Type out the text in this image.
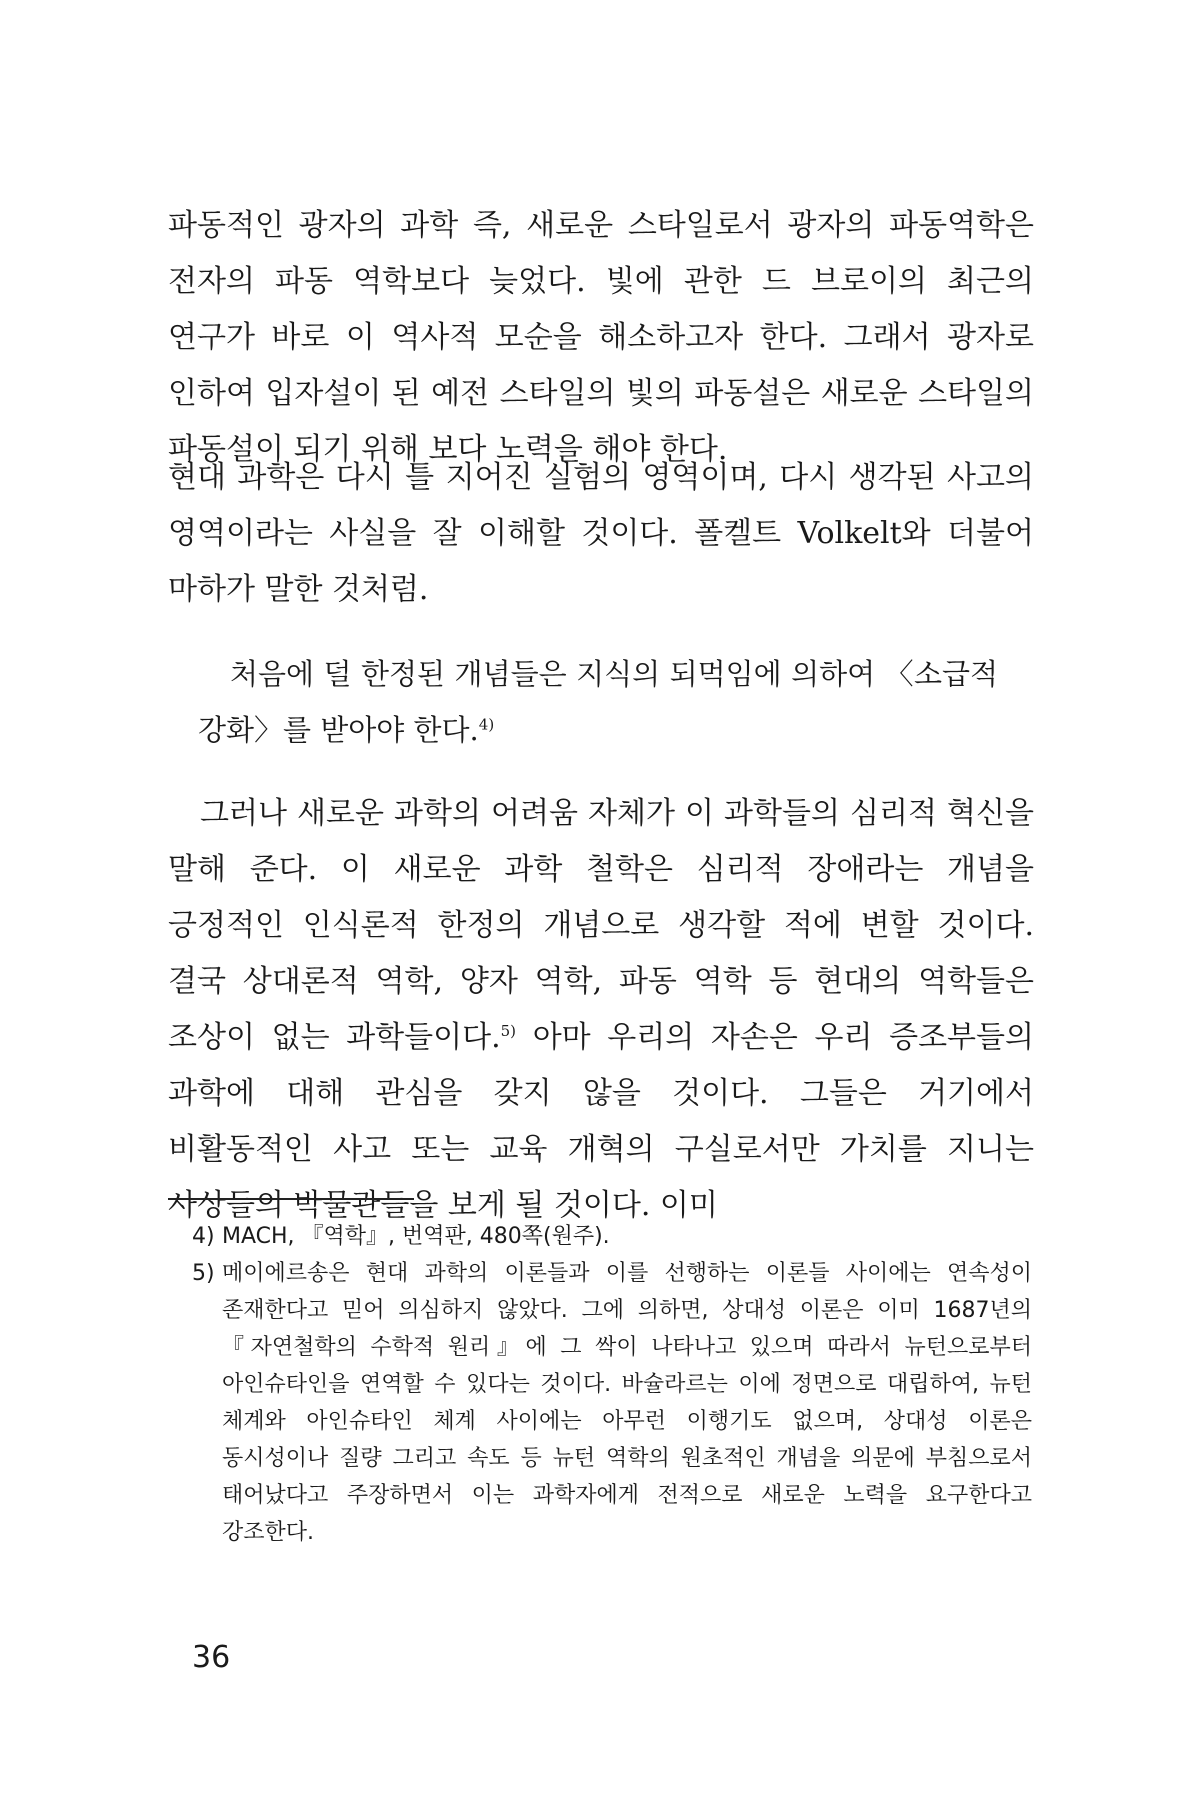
파동적인 광자의 과학 즉, 새로운 스타일로서 광자의 파동역학은 전자의 파동 역학보다 늦었다. 빛에 관한 드 브로이의 최근의 연구가 바로 이 역사적 모순을 해소하고자 한다. 그래서 광자로 인하여 입자설이 된 예전 스타일의 빛의 파동설은 새로운 스타일의 파동설이 되기 위해 보다 노력을 해야 한다.
현대 과학은 다시 틀 지어진 실험의 영역이며, 다시 생각된 사고의 영역이라는 사실을 잘 이해할 것이다. 폴켈트 Volkelt와 더불어 마하가 말한 것처럼.
처음에 덜 한정된 개념들은 지식의 되먹임에 의하여 〈소급적 강화〉를 받아야 한다.$^{4)}$
그러나 새로운 과학의 어려움 자체가 이 과학들의 심리적 혁신을 말해 준다. 이 새로운 과학 철학은 심리적 장애라는 개념을 긍정적인 인식론적 한정의 개념으로 생각할 적에 변할 것이다. 결국 상대론적 역학, 양자 역학, 파동 역학 등 현대의 역학들은 조상이 없는 과학들이다.$^{5)}$ 아마 우리의 자손은 우리 증조부들의 과학에 대해 관심을 갖지 않을 것이다. 그들은 거기에서 비활동적인 사고 또는 교육 개혁의 구실로서만 가치를 지니는 사상들의 박물관들을 보게 될 것이다. 이미
4) MACH, 『역학』, 번역판, 480쪽(원주).
5) 메이에르송은 현대 과학의 이론들과 이를 선행하는 이론들 사이에는 연속성이 존재한다고 믿어 의심하지 않았다. 그에 의하면, 상대성 이론은 이미 1687년의 『자연철학의 수학적 원리』에 그 싹이 나타나고 있으며 따라서 뉴턴으로부터 아인슈타인을 연역할 수 있다는 것이다. 바슐라르는 이에 정면으로 대립하여, 뉴턴 체계와 아인슈타인 체계 사이에는 아무런 이행기도 없으며, 상대성 이론은 동시성이나 질량 그리고 속도 등 뉴턴 역학의 원초적인 개념을 의문에 부침으로서 태어났다고 주장하면서 이는 과학자에게 전적으로 새로운 노력을 요구한다고 강조한다.
36
